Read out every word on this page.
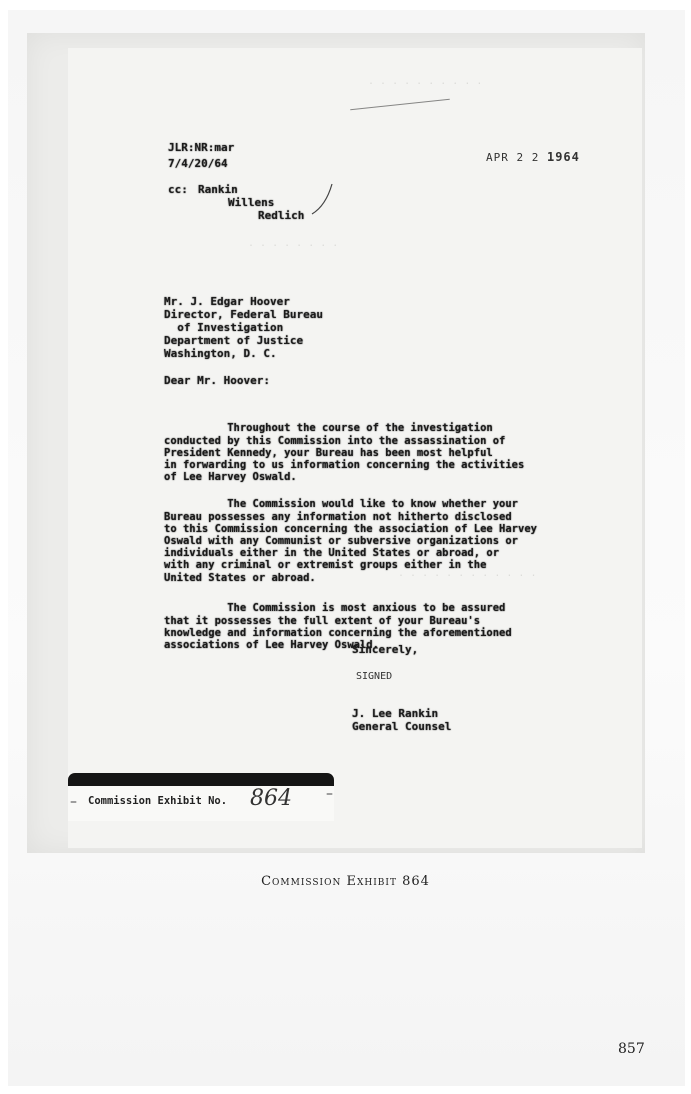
. . . . . . . . . .
. . . . . . . .
. . . . . . . . . . . .
JLR:NR:mar
7/4/20/64
cc: Rankin
Willens
Redlich
APR 2 2 1964
Mr. J. Edgar Hoover
Director, Federal Bureau
of Investigation
Department of Justice
Washington, D. C.
Dear Mr. Hoover:

Throughout the course of the investigation
conducted by this Commission into the assassination of
President Kennedy, your Bureau has been most helpful
in forwarding to us information concerning the activities
of Lee Harvey Oswald.

The Commission would like to know whether your
Bureau possesses any information not hitherto disclosed
to this Commission concerning the association of Lee Harvey
Oswald with any Communist or subversive organizations or
individuals either in the United States or abroad, or
with any criminal or extremist groups either in the
United States or abroad.

The Commission is most anxious to be assured
that it possesses the full extent of your Bureau's
knowledge and information concerning the aforementioned
associations of Lee Harvey Oswald.

Sincerely,
SIGNED
J. Lee Rankin
General Counsel
Commission Exhibit No. 864
–	–
Commission Exhibit 864
857
